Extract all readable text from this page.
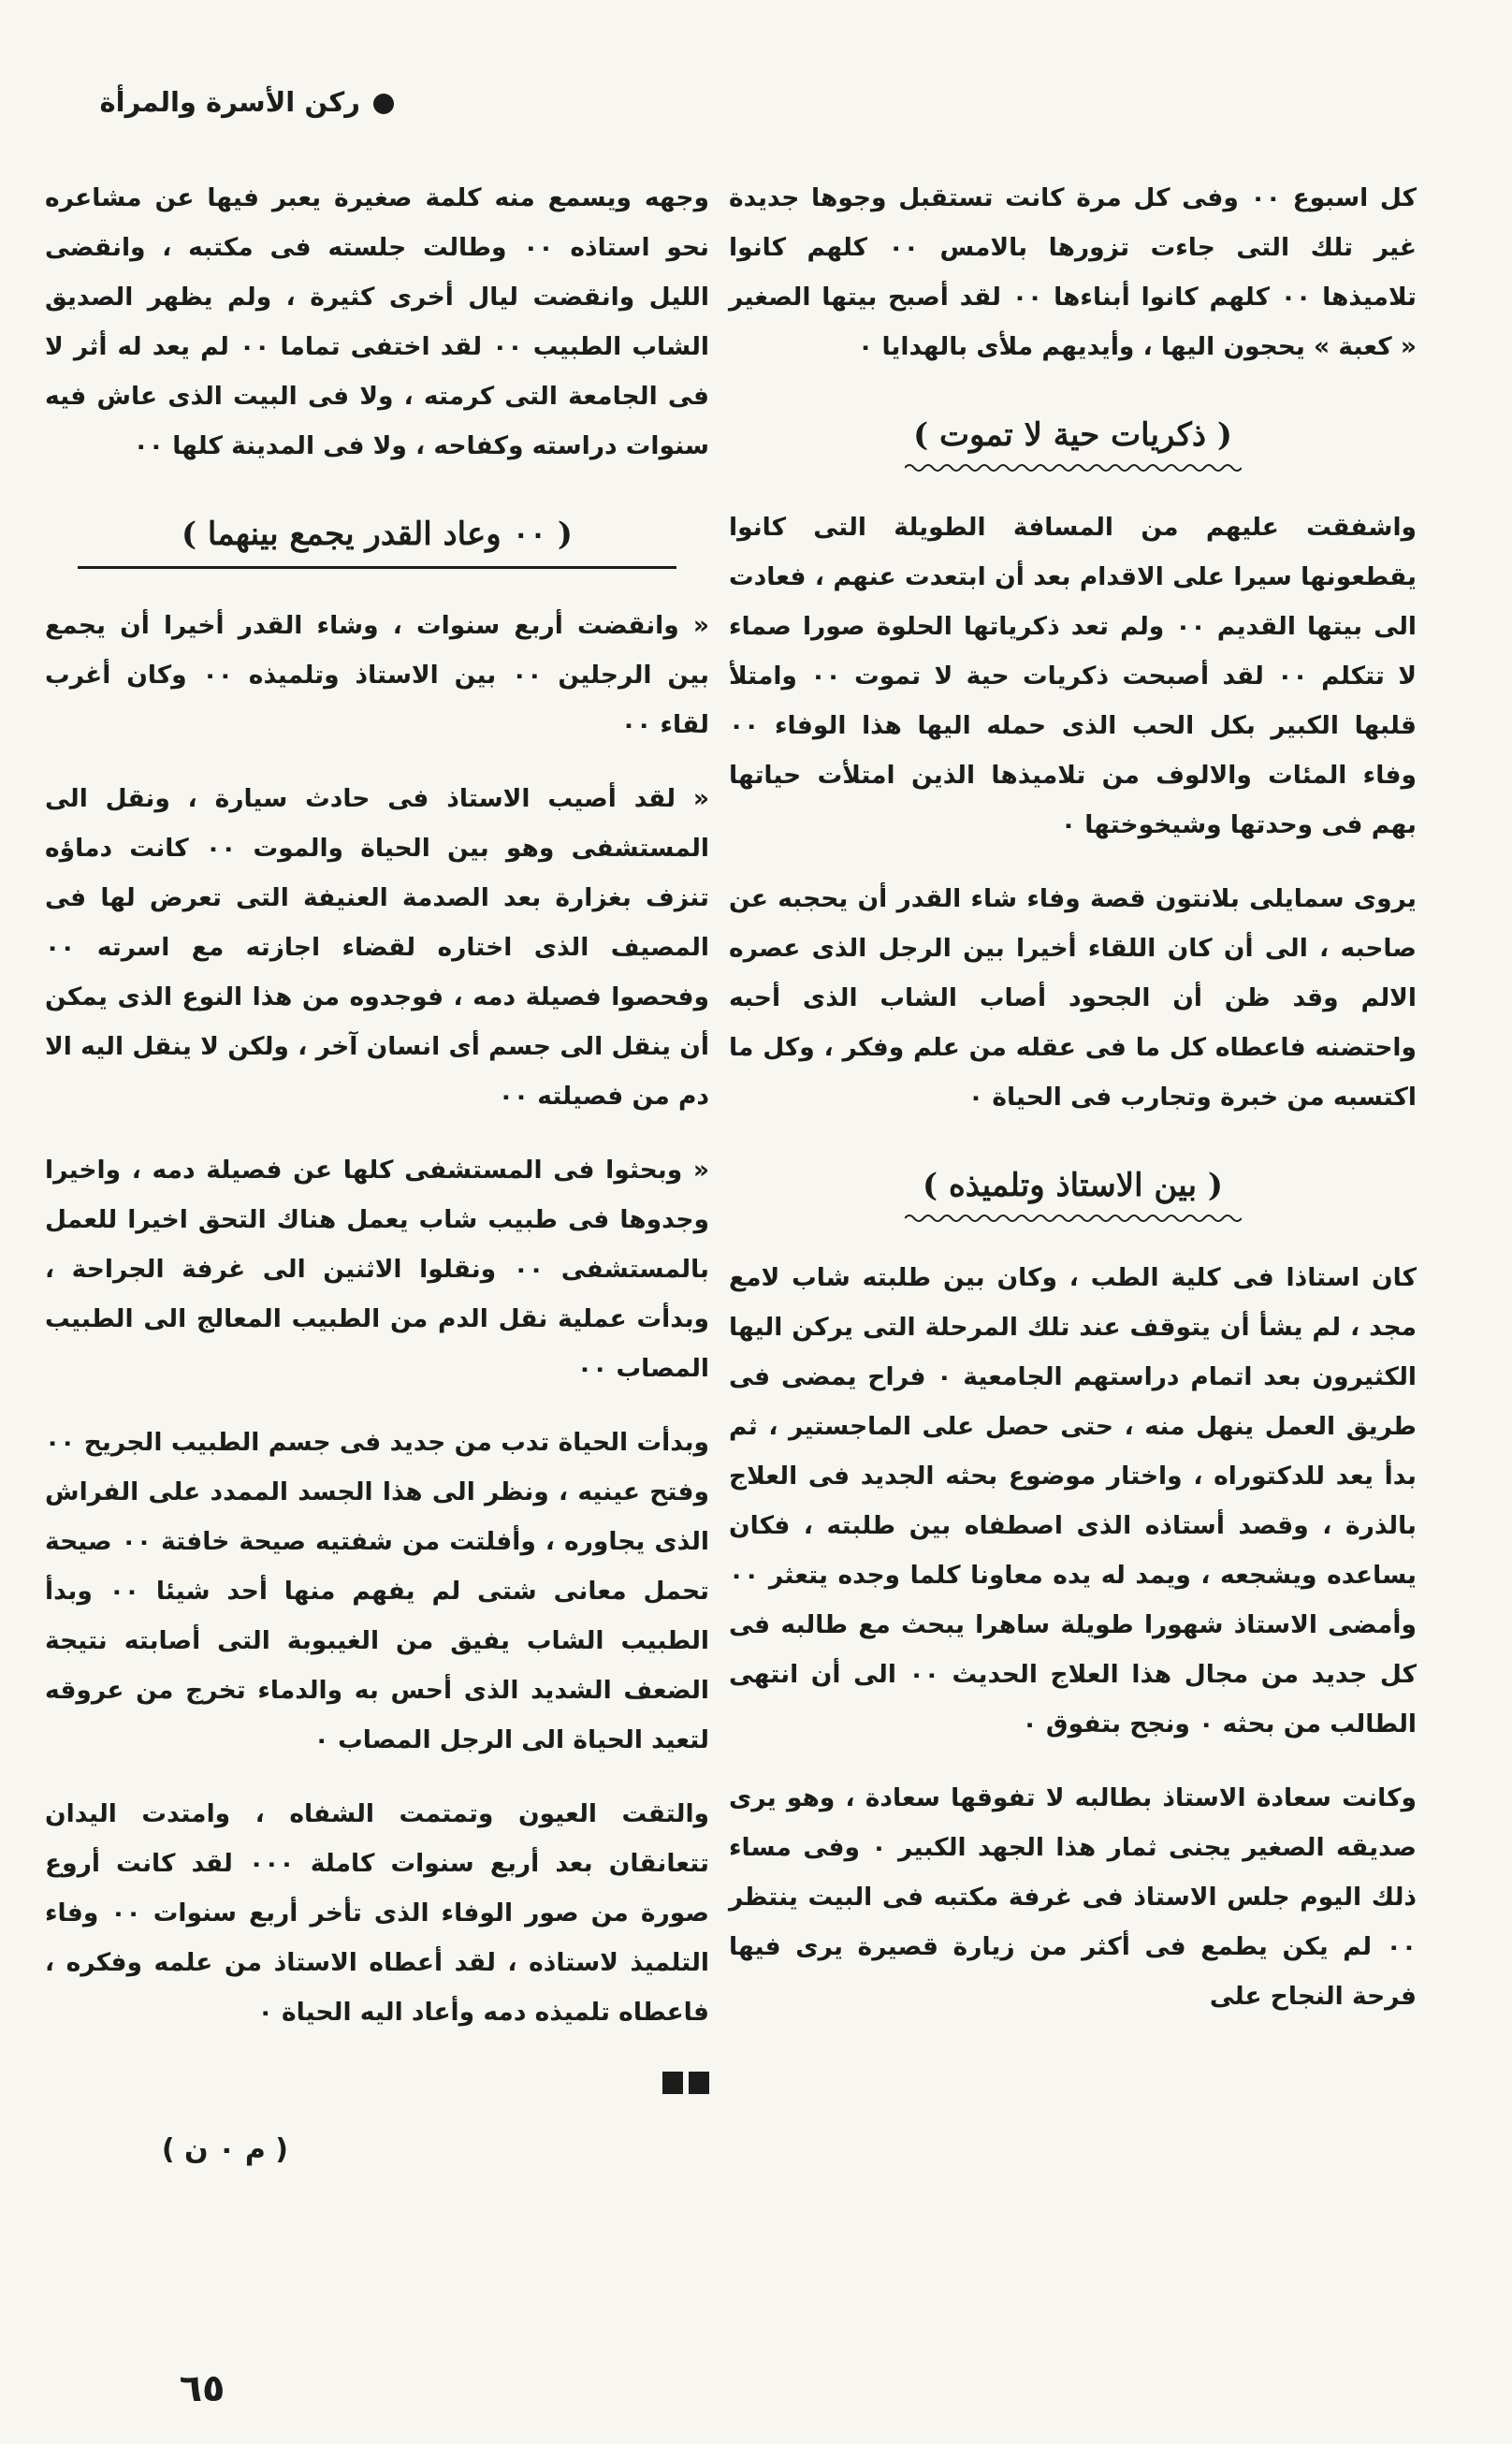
ركن الأسرة والمرأة

كل اسبوع ٠٠ وفى كل مرة كانت تستقبل وجوها جديدة غير تلك التى جاءت تزورها بالامس ٠٠ كلهم كانوا تلاميذها ٠٠ كلهم كانوا أبناءها ٠٠ لقد أصبح بيتها الصغير « كعبة » يحجون اليها ، وأيديهم ملأى بالهدايا ٠

( ذكريات حية لا تموت )

واشفقت عليهم من المسافة الطويلة التى كانوا يقطعونها سيرا على الاقدام بعد أن ابتعدت عنهم ، فعادت الى بيتها القديم ٠٠ ولم تعد ذكرياتها الحلوة صورا صماء لا تتكلم ٠٠ لقد أصبحت ذكريات حية لا تموت ٠٠ وامتلأ قلبها الكبير بكل الحب الذى حمله اليها هذا الوفاء ٠٠ وفاء المئات والالوف من تلاميذها الذين امتلأت حياتها بهم فى وحدتها وشيخوختها ٠

يروى سمايلى بلانتون قصة وفاء شاء القدر أن يحجبه عن صاحبه ، الى أن كان اللقاء أخيرا بين الرجل الذى عصره الالم وقد ظن أن الجحود أصاب الشاب الذى أحبه واحتضنه فاعطاه كل ما فى عقله من علم وفكر ، وكل ما اكتسبه من خبرة وتجارب فى الحياة ٠

( بين الاستاذ وتلميذه )

كان استاذا فى كلية الطب ، وكان بين طلبته شاب لامع مجد ، لم يشأ أن يتوقف عند تلك المرحلة التى يركن اليها الكثيرون بعد اتمام دراستهم الجامعية ٠ فراح يمضى فى طريق العمل ينهل منه ، حتى حصل على الماجستير ، ثم بدأ يعد للدكتوراه ، واختار موضوع بحثه الجديد فى العلاج بالذرة ، وقصد أستاذه الذى اصطفاه بين طلبته ، فكان يساعده ويشجعه ، ويمد له يده معاونا كلما وجده يتعثر ٠٠ وأمضى الاستاذ شهورا طويلة ساهرا يبحث مع طالبه فى كل جديد من مجال هذا العلاج الحديث ٠٠ الى أن انتهى الطالب من بحثه ٠ ونجح بتفوق ٠

وكانت سعادة الاستاذ بطالبه لا تفوقها سعادة ، وهو يرى صديقه الصغير يجنى ثمار هذا الجهد الكبير ٠ وفى مساء ذلك اليوم جلس الاستاذ فى غرفة مكتبه فى البيت ينتظر ٠٠ لم يكن يطمع فى أكثر من زيارة قصيرة يرى فيها فرحة النجاح على

وجهه ويسمع منه كلمة صغيرة يعبر فيها عن مشاعره نحو استاذه ٠٠ وطالت جلسته فى مكتبه ، وانقضى الليل وانقضت ليال أخرى كثيرة ، ولم يظهر الصديق الشاب الطبيب ٠٠ لقد اختفى تماما ٠٠ لم يعد له أثر لا فى الجامعة التى كرمته ، ولا فى البيت الذى عاش فيه سنوات دراسته وكفاحه ، ولا فى المدينة كلها ٠٠

( ٠٠ وعاد القدر يجمع بينهما )

« وانقضت أربع سنوات ، وشاء القدر أخيرا أن يجمع بين الرجلين ٠٠ بين الاستاذ وتلميذه ٠٠ وكان أغرب لقاء ٠٠

« لقد أصيب الاستاذ فى حادث سيارة ، ونقل الى المستشفى وهو بين الحياة والموت ٠٠ كانت دماؤه تنزف بغزارة بعد الصدمة العنيفة التى تعرض لها فى المصيف الذى اختاره لقضاء اجازته مع اسرته ٠٠ وفحصوا فصيلة دمه ، فوجدوه من هذا النوع الذى يمكن أن ينقل الى جسم أى انسان آخر ، ولكن لا ينقل اليه الا دم من فصيلته ٠٠

« وبحثوا فى المستشفى كلها عن فصيلة دمه ، واخيرا وجدوها فى طبيب شاب يعمل هناك التحق اخيرا للعمل بالمستشفى ٠٠ ونقلوا الاثنين الى غرفة الجراحة ، وبدأت عملية نقل الدم من الطبيب المعالج الى الطبيب المصاب ٠٠

وبدأت الحياة تدب من جديد فى جسم الطبيب الجريح ٠٠ وفتح عينيه ، ونظر الى هذا الجسد الممدد على الفراش الذى يجاوره ، وأفلتت من شفتيه صيحة خافتة ٠٠ صيحة تحمل معانى شتى لم يفهم منها أحد شيئا ٠٠ وبدأ الطبيب الشاب يفيق من الغيبوبة التى أصابته نتيجة الضعف الشديد الذى أحس به والدماء تخرج من عروقه لتعيد الحياة الى الرجل المصاب ٠

والتقت العيون وتمتمت الشفاه ، وامتدت اليدان تتعانقان بعد أربع سنوات كاملة ٠٠٠ لقد كانت أروع صورة من صور الوفاء الذى تأخر أربع سنوات ٠٠ وفاء التلميذ لاستاذه ، لقد أعطاه الاستاذ من علمه وفكره ، فاعطاه تلميذه دمه وأعاد اليه الحياة ٠

( م ٠ ن )
٦٥
